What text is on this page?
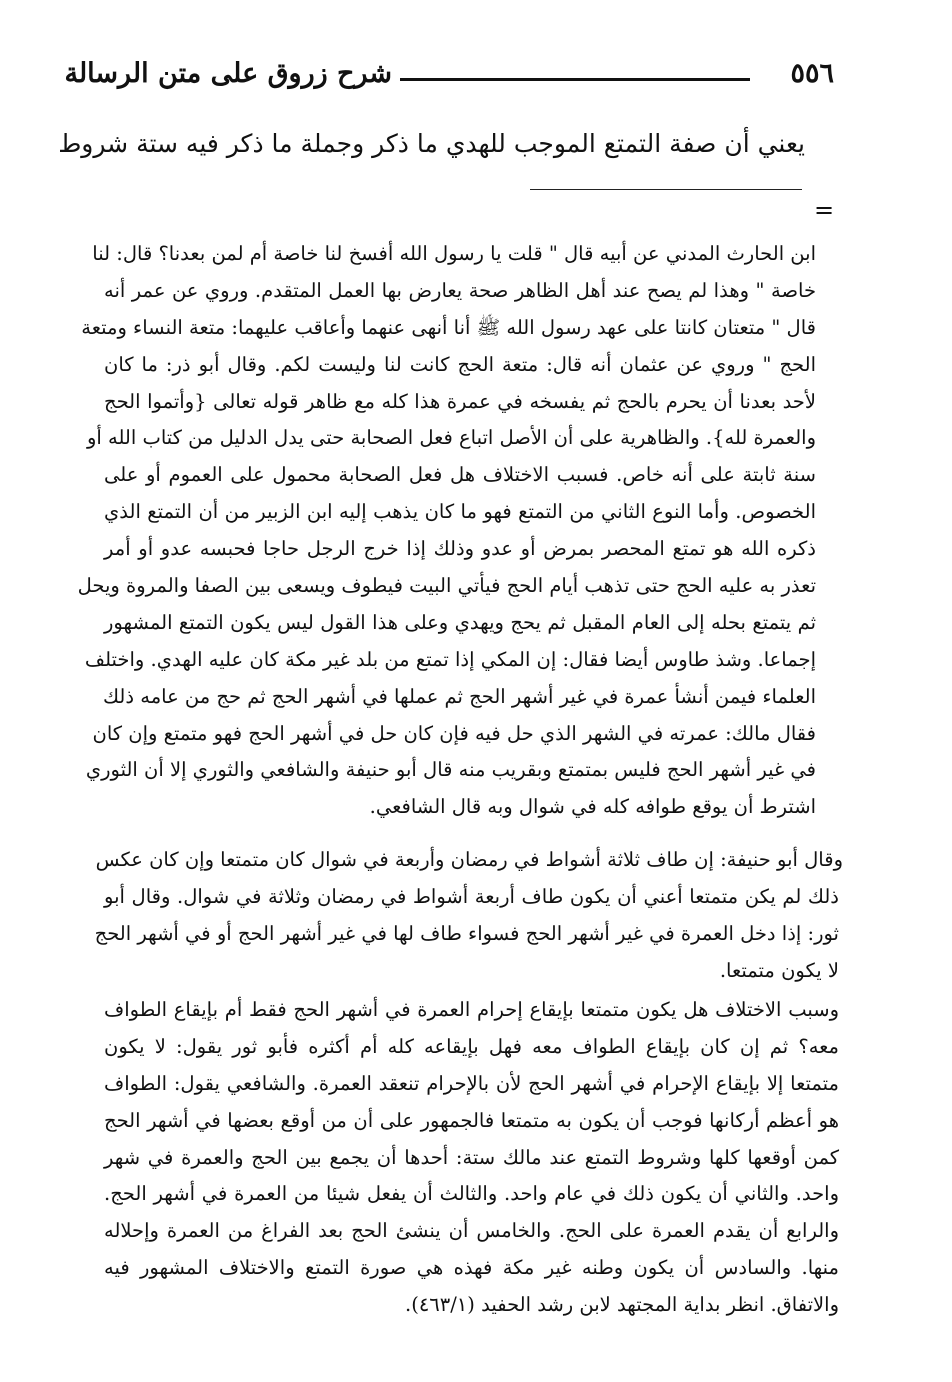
٥٥٦
شرح زروق على متن الرسالة
يعني أن صفة التمتع الموجب للهدي ما ذكر وجملة ما ذكر فيه ستة شروط
=
ابن الحارث المدني عن أبيه قال " قلت يا رسول الله أفسخ لنا خاصة أم لمن بعدنا؟ قال: لنا
خاصة " وهذا لم يصح عند أهل الظاهر صحة يعارض بها العمل المتقدم. وروي عن عمر أنه
قال " متعتان كانتا على عهد رسول الله ﷺ أنا أنهى عنهما وأعاقب عليهما: متعة النساء ومتعة
الحج " وروي عن عثمان أنه قال: متعة الحج كانت لنا وليست لكم. وقال أبو ذر: ما كان
لأحد بعدنا أن يحرم بالحج ثم يفسخه في عمرة هذا كله مع ظاهر قوله تعالى {وأتموا الحج
والعمرة لله}. والظاهرية على أن الأصل اتباع فعل الصحابة حتى يدل الدليل من كتاب الله أو
سنة ثابتة على أنه خاص. فسبب الاختلاف هل فعل الصحابة محمول على العموم أو على
الخصوص. وأما النوع الثاني من التمتع فهو ما كان يذهب إليه ابن الزبير من أن التمتع الذي
ذكره الله هو تمتع المحصر بمرض أو عدو وذلك إذا خرج الرجل حاجا فحبسه عدو أو أمر
تعذر به عليه الحج حتى تذهب أيام الحج فيأتي البيت فيطوف ويسعى بين الصفا والمروة ويحل
ثم يتمتع بحله إلى العام المقبل ثم يحج ويهدي وعلى هذا القول ليس يكون التمتع المشهور
إجماعا. وشذ طاوس أيضا فقال: إن المكي إذا تمتع من بلد غير مكة كان عليه الهدي. واختلف
العلماء فيمن أنشأ عمرة في غير أشهر الحج ثم عملها في أشهر الحج ثم حج من عامه ذلك
فقال مالك: عمرته في الشهر الذي حل فيه فإن كان حل في أشهر الحج فهو متمتع وإن كان
في غير أشهر الحج فليس بمتمتع وبقريب منه قال أبو حنيفة والشافعي والثوري إلا أن الثوري
اشترط أن يوقع طوافه كله في شوال وبه قال الشافعي.
وقال أبو حنيفة: إن طاف ثلاثة أشواط في رمضان وأربعة في شوال كان متمتعا وإن كان عكس
ذلك لم يكن متمتعا أعني أن يكون طاف أربعة أشواط في رمضان وثلاثة في شوال. وقال أبو
ثور: إذا دخل العمرة في غير أشهر الحج فسواء طاف لها في غير أشهر الحج أو في أشهر الحج
لا يكون متمتعا.
وسبب الاختلاف هل يكون متمتعا بإيقاع إحرام العمرة في أشهر الحج فقط أم بإيقاع الطواف
معه؟ ثم إن كان بإيقاع الطواف معه فهل بإيقاعه كله أم أكثره فأبو ثور يقول: لا يكون
متمتعا إلا بإيقاع الإحرام في أشهر الحج لأن بالإحرام تنعقد العمرة. والشافعي يقول: الطواف
هو أعظم أركانها فوجب أن يكون به متمتعا فالجمهور على أن من أوقع بعضها في أشهر الحج
كمن أوقعها كلها وشروط التمتع عند مالك ستة: أحدها أن يجمع بين الحج والعمرة في شهر
واحد. والثاني أن يكون ذلك في عام واحد. والثالث أن يفعل شيئا من العمرة في أشهر الحج.
والرابع أن يقدم العمرة على الحج. والخامس أن ينشئ الحج بعد الفراغ من العمرة وإحلاله
منها. والسادس أن يكون وطنه غير مكة فهذه هي صورة التمتع والاختلاف المشهور فيه
والاتفاق. انظر بداية المجتهد لابن رشد الحفيد (٤٦٣/١).
